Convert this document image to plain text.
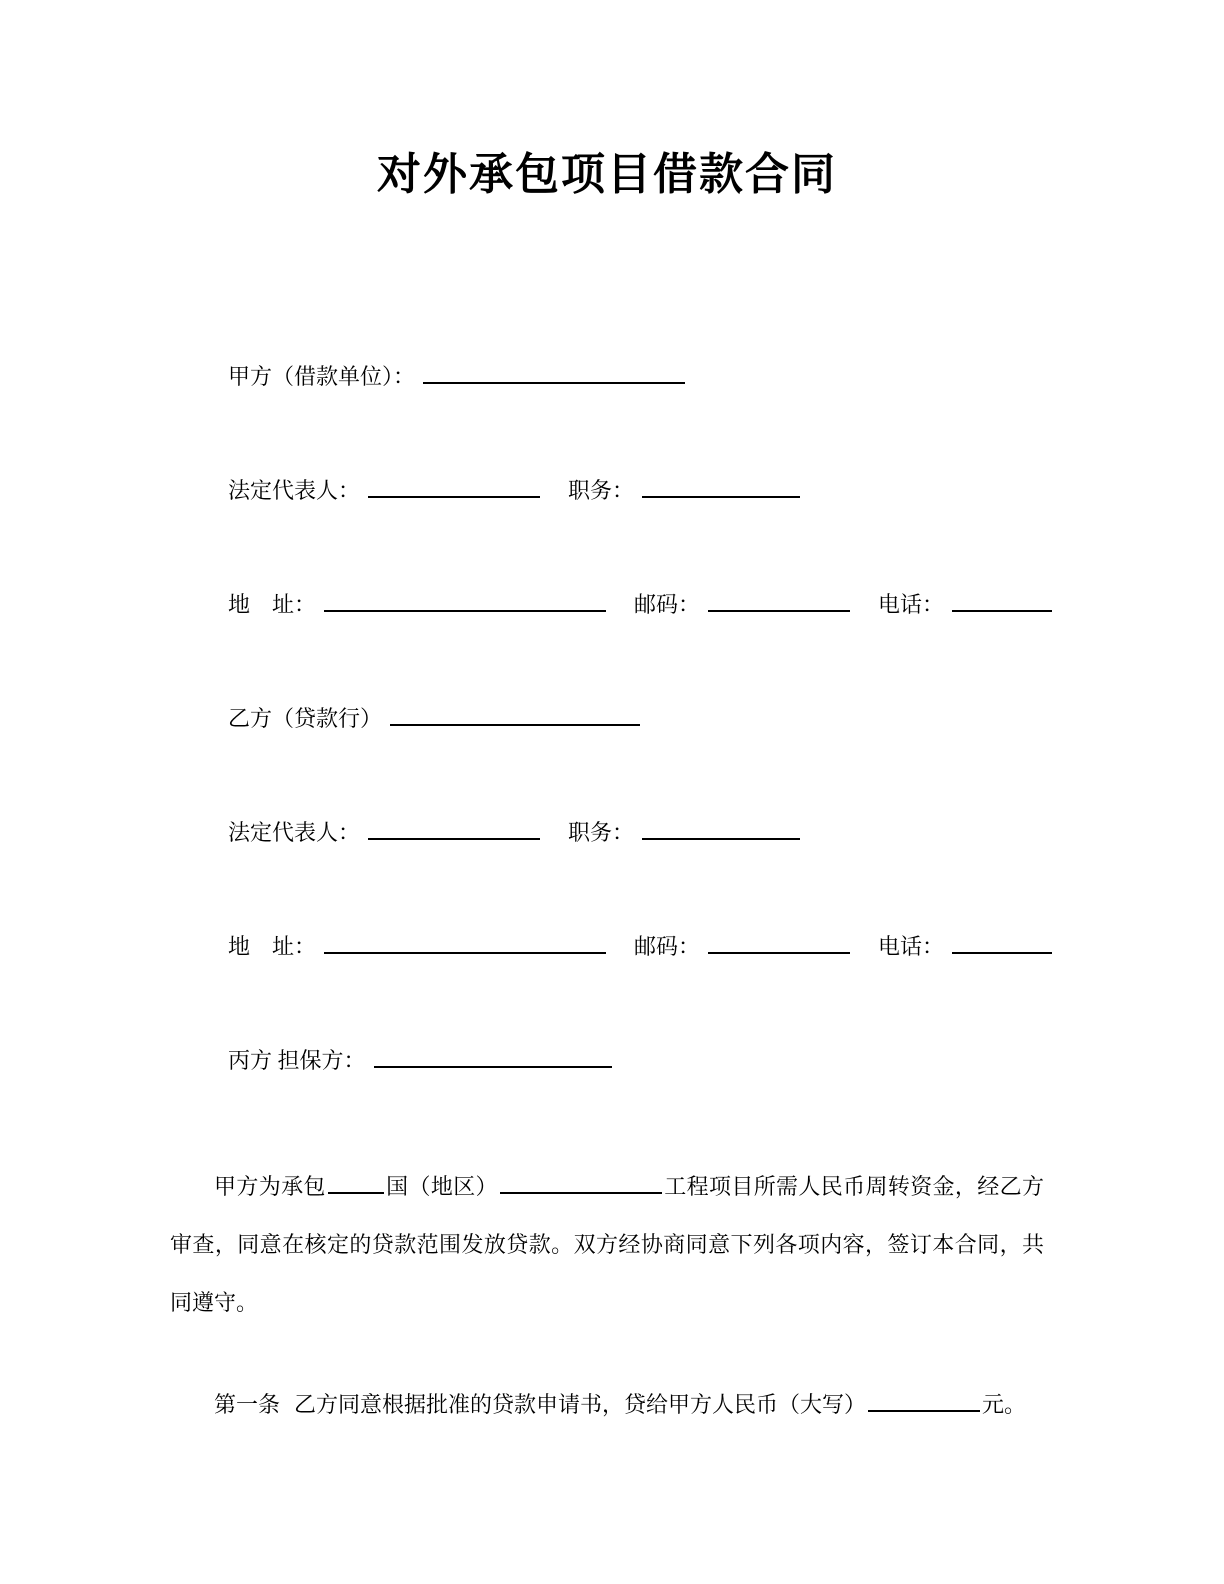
对外承包项目借款合同
甲方（借款单位）：
法定代表人：	职务：
地　址：	邮码：	电话：
乙方（贷款行）
法定代表人：	职务：
地　址：	邮码：	电话：
丙方 担保方：

甲方为承包	国（地区）	工程项目所需人民币周转资金，经乙方审查，同意在核定的贷款范围发放贷款。双方经协商同意下列各项内容，签订本合同，共同遵守。

第一条 乙方同意根据批准的贷款申请书，贷给甲方人民币（大写）	元。
